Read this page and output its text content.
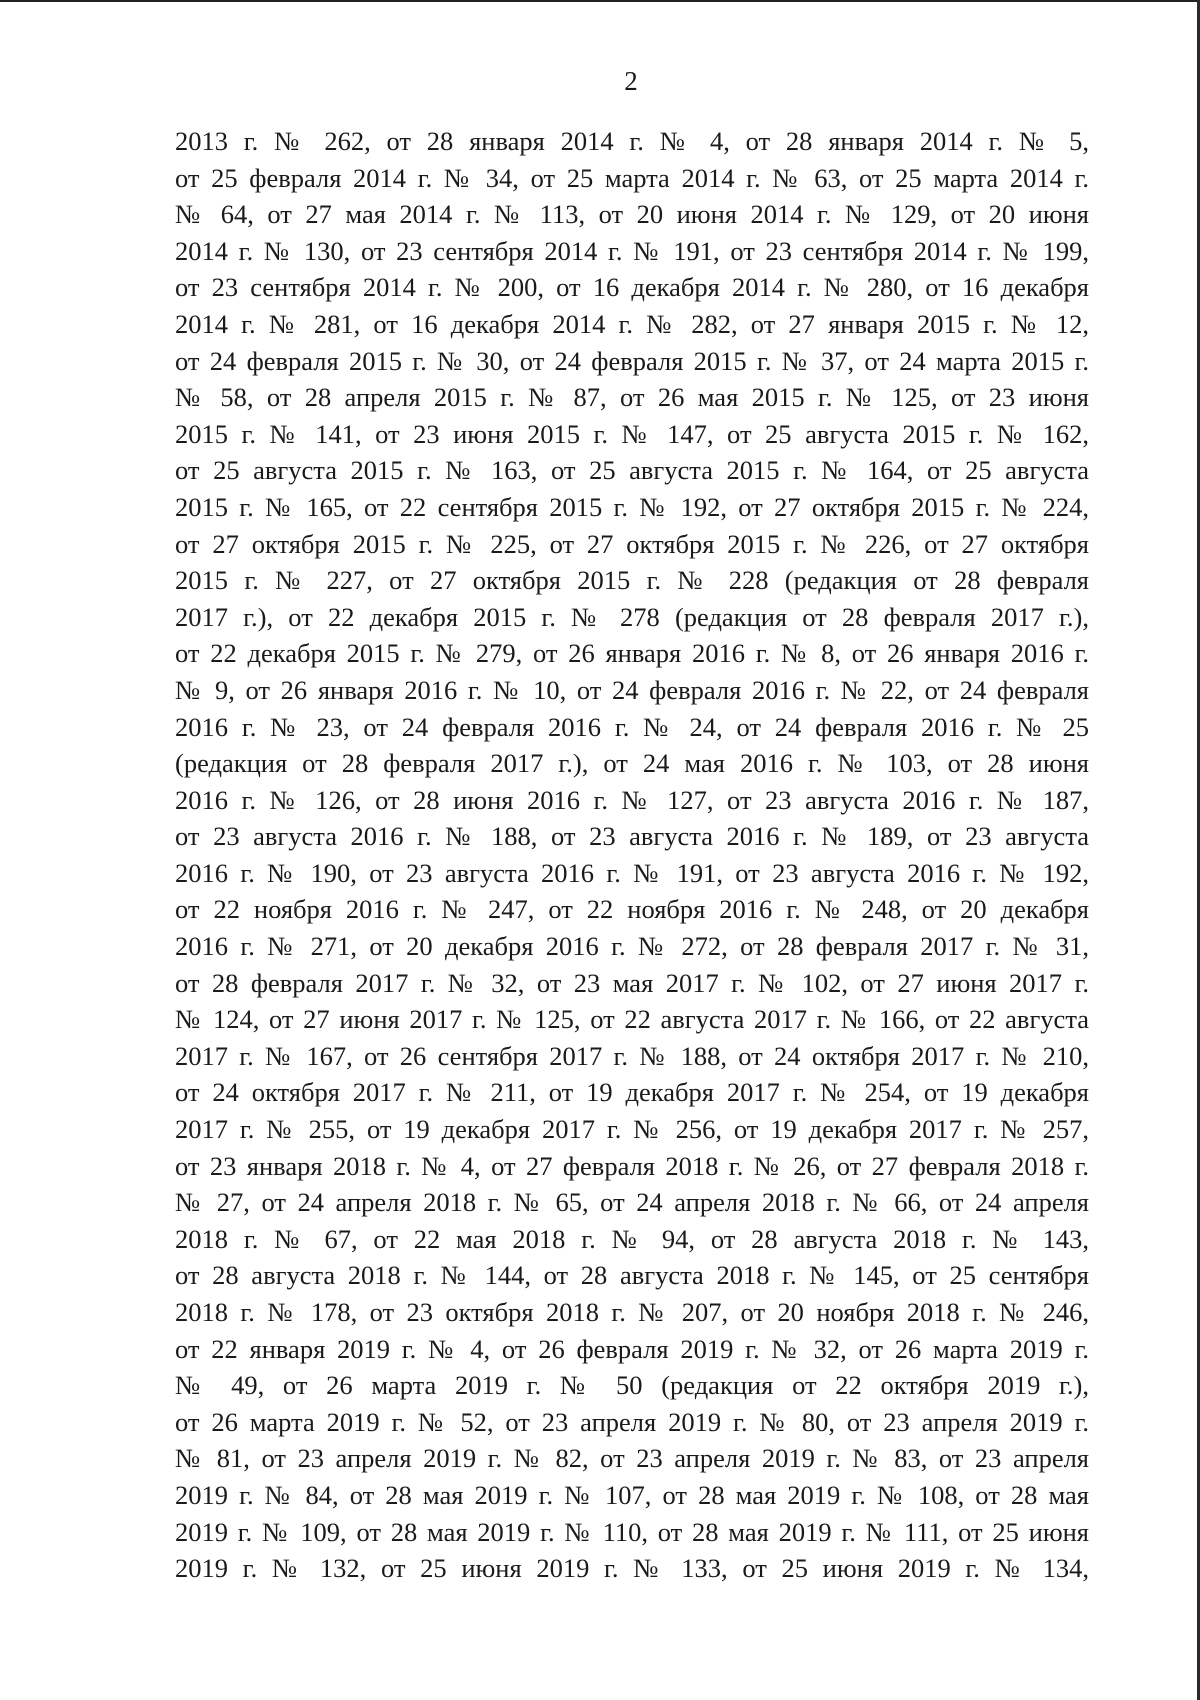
2
2013 г. № 262, от 28 января 2014 г. № 4, от 28 января 2014 г. № 5,
от 25 февраля 2014 г. № 34, от 25 марта 2014 г. № 63, от 25 марта 2014 г.
№ 64, от 27 мая 2014 г. № 113, от 20 июня 2014 г. № 129, от 20 июня
2014 г. № 130, от 23 сентября 2014 г. № 191, от 23 сентября 2014 г. № 199,
от 23 сентября 2014 г. № 200, от 16 декабря 2014 г. № 280, от 16 декабря
2014 г. № 281, от 16 декабря 2014 г. № 282, от 27 января 2015 г. № 12,
от 24 февраля 2015 г. № 30, от 24 февраля 2015 г. № 37, от 24 марта 2015 г.
№ 58, от 28 апреля 2015 г. № 87, от 26 мая 2015 г. № 125, от 23 июня
2015 г. № 141, от 23 июня 2015 г. № 147, от 25 августа 2015 г. № 162,
от 25 августа 2015 г. № 163, от 25 августа 2015 г. № 164, от 25 августа
2015 г. № 165, от 22 сентября 2015 г. № 192, от 27 октября 2015 г. № 224,
от 27 октября 2015 г. № 225, от 27 октября 2015 г. № 226, от 27 октября
2015 г. № 227, от 27 октября 2015 г. № 228 (редакция от 28 февраля
2017 г.), от 22 декабря 2015 г. № 278 (редакция от 28 февраля 2017 г.),
от 22 декабря 2015 г. № 279, от 26 января 2016 г. № 8, от 26 января 2016 г.
№ 9, от 26 января 2016 г. № 10, от 24 февраля 2016 г. № 22, от 24 февраля
2016 г. № 23, от 24 февраля 2016 г. № 24, от 24 февраля 2016 г. № 25
(редакция от 28 февраля 2017 г.), от 24 мая 2016 г. № 103, от 28 июня
2016 г. № 126, от 28 июня 2016 г. № 127, от 23 августа 2016 г. № 187,
от 23 августа 2016 г. № 188, от 23 августа 2016 г. № 189, от 23 августа
2016 г. № 190, от 23 августа 2016 г. № 191, от 23 августа 2016 г. № 192,
от 22 ноября 2016 г. № 247, от 22 ноября 2016 г. № 248, от 20 декабря
2016 г. № 271, от 20 декабря 2016 г. № 272, от 28 февраля 2017 г. № 31,
от 28 февраля 2017 г. № 32, от 23 мая 2017 г. № 102, от 27 июня 2017 г.
№ 124, от 27 июня 2017 г. № 125, от 22 августа 2017 г. № 166, от 22 августа
2017 г. № 167, от 26 сентября 2017 г. № 188, от 24 октября 2017 г. № 210,
от 24 октября 2017 г. № 211, от 19 декабря 2017 г. № 254, от 19 декабря
2017 г. № 255, от 19 декабря 2017 г. № 256, от 19 декабря 2017 г. № 257,
от 23 января 2018 г. № 4, от 27 февраля 2018 г. № 26, от 27 февраля 2018 г.
№ 27, от 24 апреля 2018 г. № 65, от 24 апреля 2018 г. № 66, от 24 апреля
2018 г. № 67, от 22 мая 2018 г. № 94, от 28 августа 2018 г. № 143,
от 28 августа 2018 г. № 144, от 28 августа 2018 г. № 145, от 25 сентября
2018 г. № 178, от 23 октября 2018 г. № 207, от 20 ноября 2018 г. № 246,
от 22 января 2019 г. № 4, от 26 февраля 2019 г. № 32, от 26 марта 2019 г.
№ 49, от 26 марта 2019 г. № 50 (редакция от 22 октября 2019 г.),
от 26 марта 2019 г. № 52, от 23 апреля 2019 г. № 80, от 23 апреля 2019 г.
№ 81, от 23 апреля 2019 г. № 82, от 23 апреля 2019 г. № 83, от 23 апреля
2019 г. № 84, от 28 мая 2019 г. № 107, от 28 мая 2019 г. № 108, от 28 мая
2019 г. № 109, от 28 мая 2019 г. № 110, от 28 мая 2019 г. № 111, от 25 июня
2019 г. № 132, от 25 июня 2019 г. № 133, от 25 июня 2019 г. № 134,
